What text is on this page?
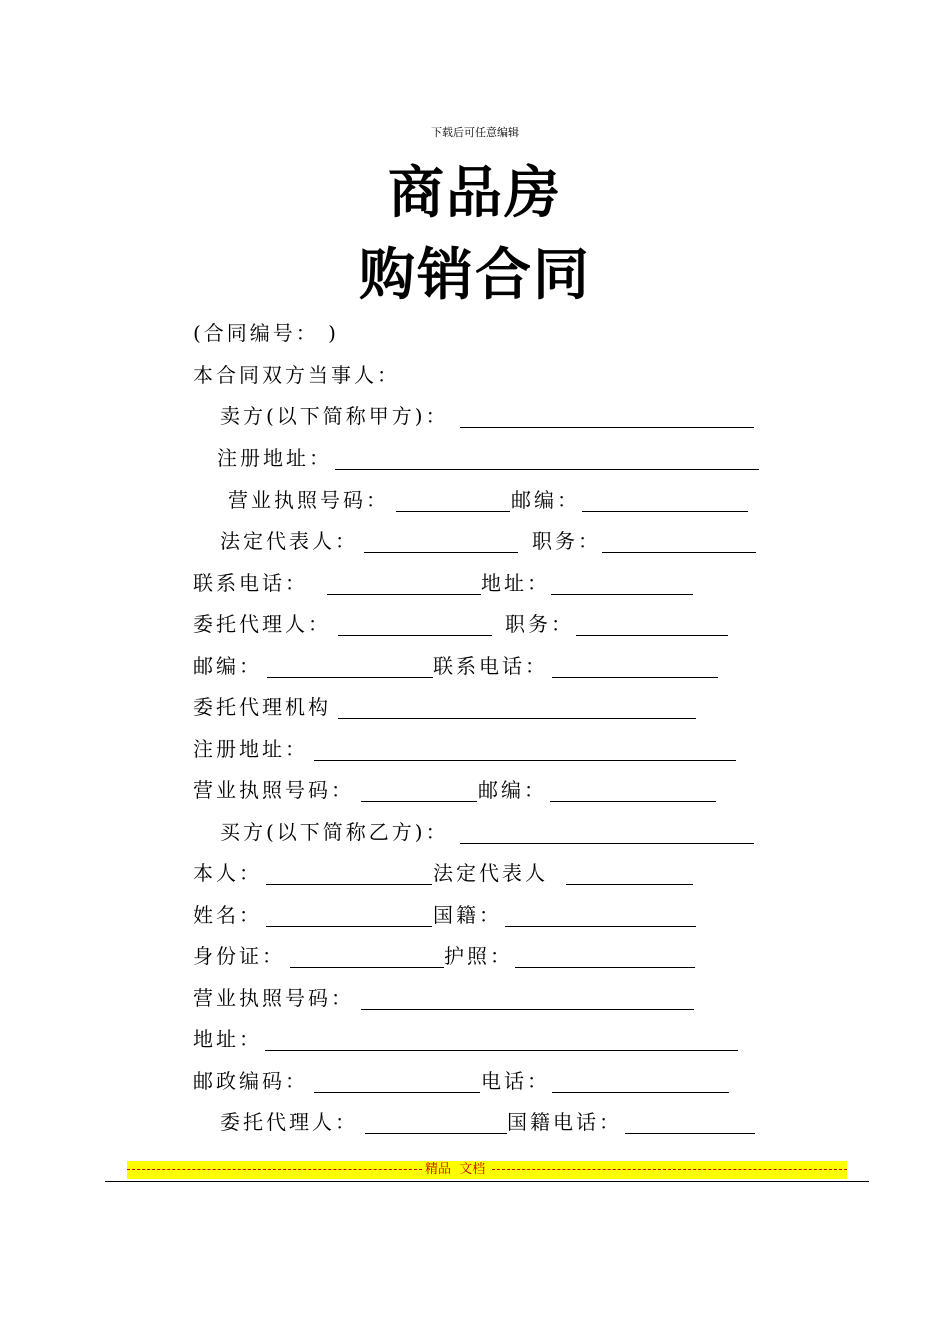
下载后可任意编辑
商品房
购销合同
(合同编号： )
本合同双方当事人：
卖方(以下简称甲方)：
注册地址：
营业执照号码：	邮编：
法定代表人：	职务：
联系电话：	地址：
委托代理人：	职务：
邮编：	联系电话：
委托代理机构
注册地址：
营业执照号码：	邮编：
买方(以下简称乙方)：
本人：	法定代表人
姓名：	国籍：
身份证：	护照：
营业执照号码：
地址：
邮政编码：	电话：
委托代理人：	国籍电话：
精品  文档
